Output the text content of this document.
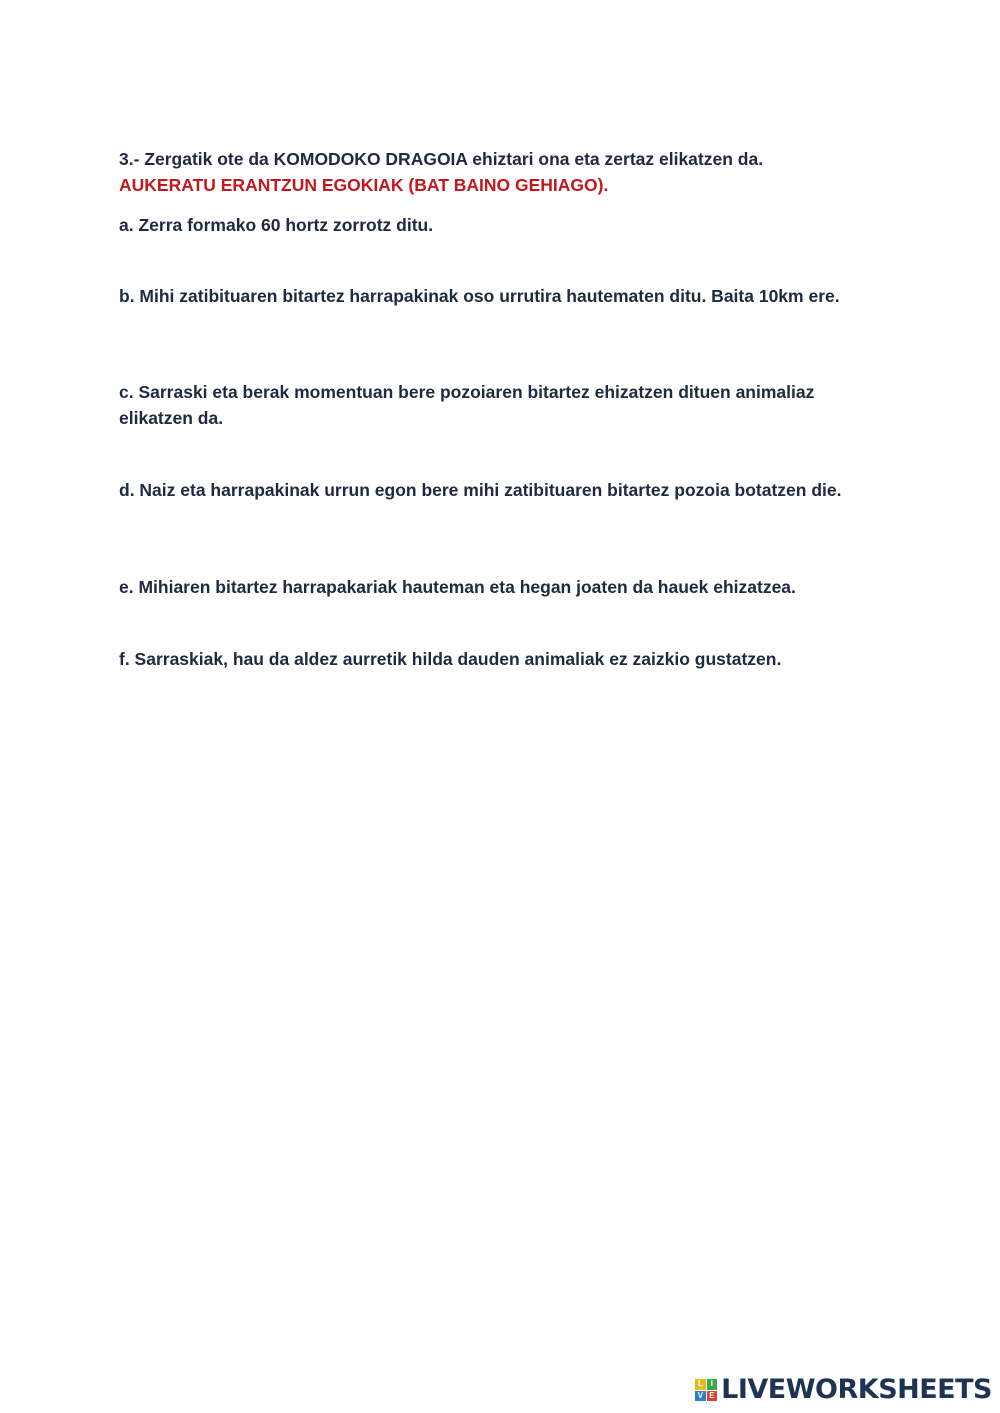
3.- Zergatik ote da KOMODOKO DRAGOIA ehiztari ona eta zertaz elikatzen da.
AUKERATU ERANTZUN EGOKIAK (BAT BAINO GEHIAGO).

a. Zerra formako 60 hortz zorrotz ditu.

b. Mihi zatibituaren bitartez harrapakinak oso urrutira hautematen ditu. Baita 10km ere.

c. Sarraski eta berak momentuan bere pozoiaren bitartez ehizatzen dituen animaliaz elikatzen da.

d. Naiz eta harrapakinak urrun egon bere mihi zatibituaren bitartez pozoia botatzen die.

e. Mihiaren bitartez harrapakariak hauteman eta hegan joaten da hauek ehizatzea.

f. Sarraskiak, hau da aldez aurretik hilda dauden animaliak ez zaizkio gustatzen.

L I
V E LIVEWORKSHEETS
